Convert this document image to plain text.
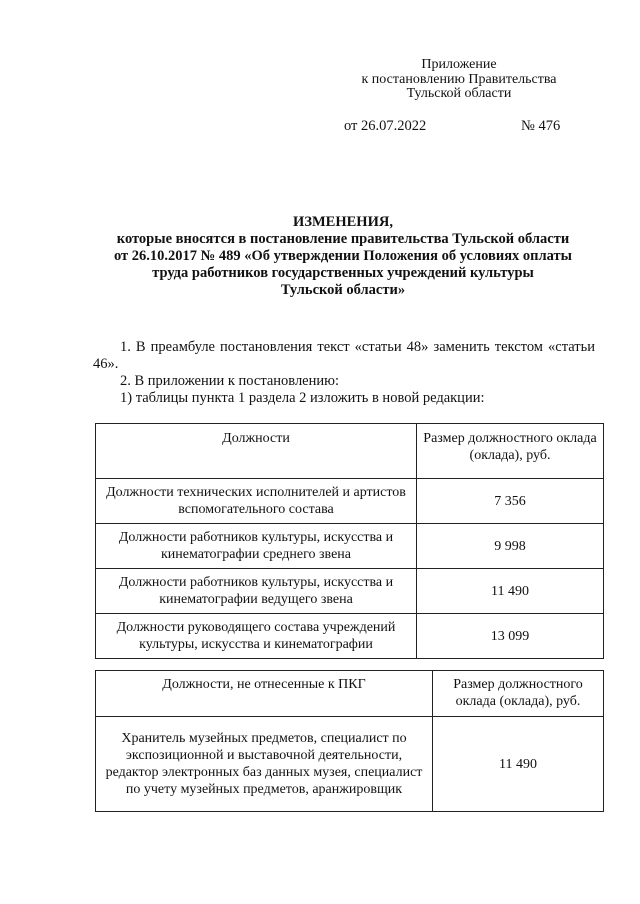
Приложение
к постановлению Правительства
Тульской области
от 26.07.2022	№ 476
ИЗМЕНЕНИЯ,
которые вносятся в постановление правительства Тульской области
от 26.10.2017 № 489 «Об утверждении Положения об условиях оплаты
труда работников государственных учреждений культуры
Тульской области»
1. В преамбуле постановления текст «статьи 48» заменить текстом «статьи 46».
2. В приложении к постановлению:
1) таблицы пункта 1 раздела 2 изложить в новой редакции:
Должности	Размер должностного оклада (оклада), руб.
Должности технических исполнителей и артистов вспомогательного состава	7 356
Должности работников культуры, искусства и кинематографии среднего звена	9 998
Должности работников культуры, искусства и кинематографии ведущего звена	11 490
Должности руководящего состава учреждений культуры, искусства и кинематографии	13 099
Должности, не отнесенные к ПКГ	Размер должностного оклада (оклада), руб.
Хранитель музейных предметов, специалист по экспозиционной и выставочной деятельности, редактор электронных баз данных музея, специалист по учету музейных предметов, аранжировщик	11 490
